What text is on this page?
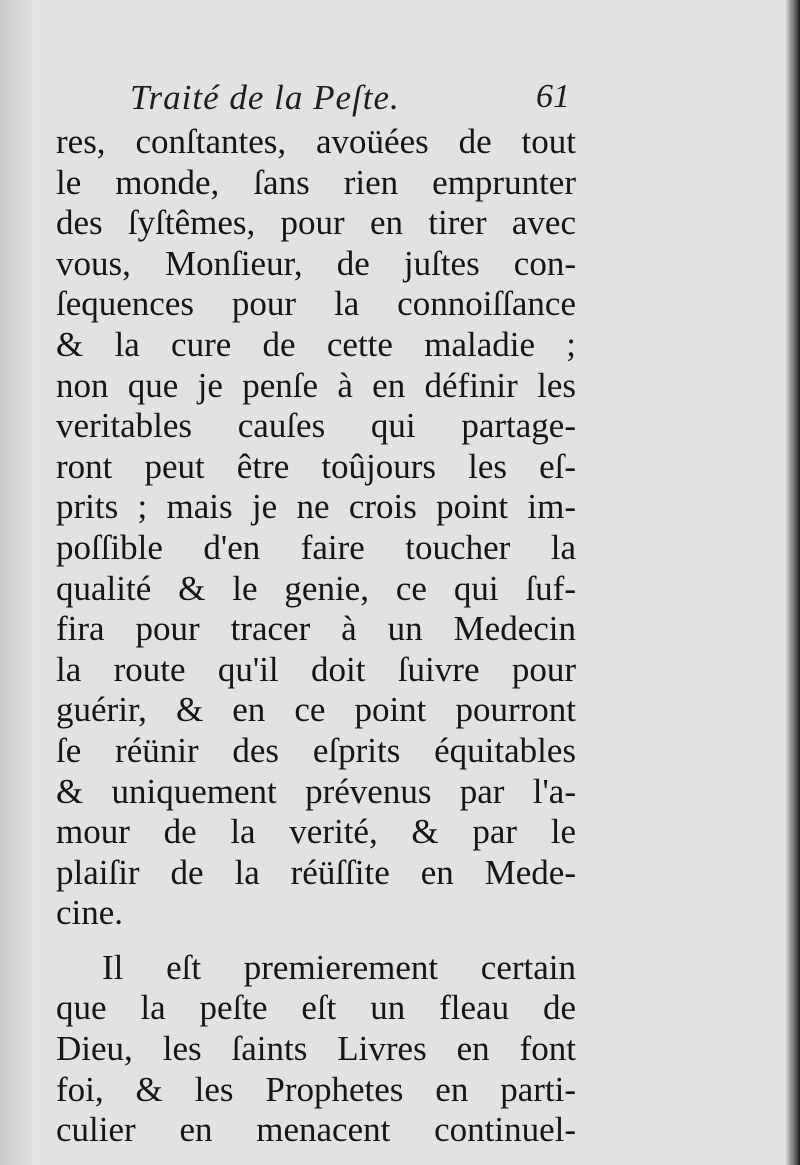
Traité de la Peſte.	61
res, conſtantes, avoüées de tout
le monde, ſans rien emprunter
des ſyſtêmes, pour en tirer avec
vous, Monſieur, de juſtes con-
ſequences pour la connoiſſance
& la cure de cette maladie ;
non que je penſe à en définir les
veritables cauſes qui partage-
ront peut être toûjours les eſ-
prits ; mais je ne crois point im-
poſſible d'en faire toucher la
qualité & le genie, ce qui ſuf-
fira pour tracer à un Medecin
la route qu'il doit ſuivre pour
guérir, & en ce point pourront
ſe réünir des eſprits équitables
& uniquement prévenus par l'a-
mour de la verité, & par le
plaiſir de la réüſſite en Mede-
cine.
Il eſt premierement certain
que la peſte eſt un fleau de
Dieu, les ſaints Livres en font
foi, & les Prophetes en parti-
culier en menacent continuel-
